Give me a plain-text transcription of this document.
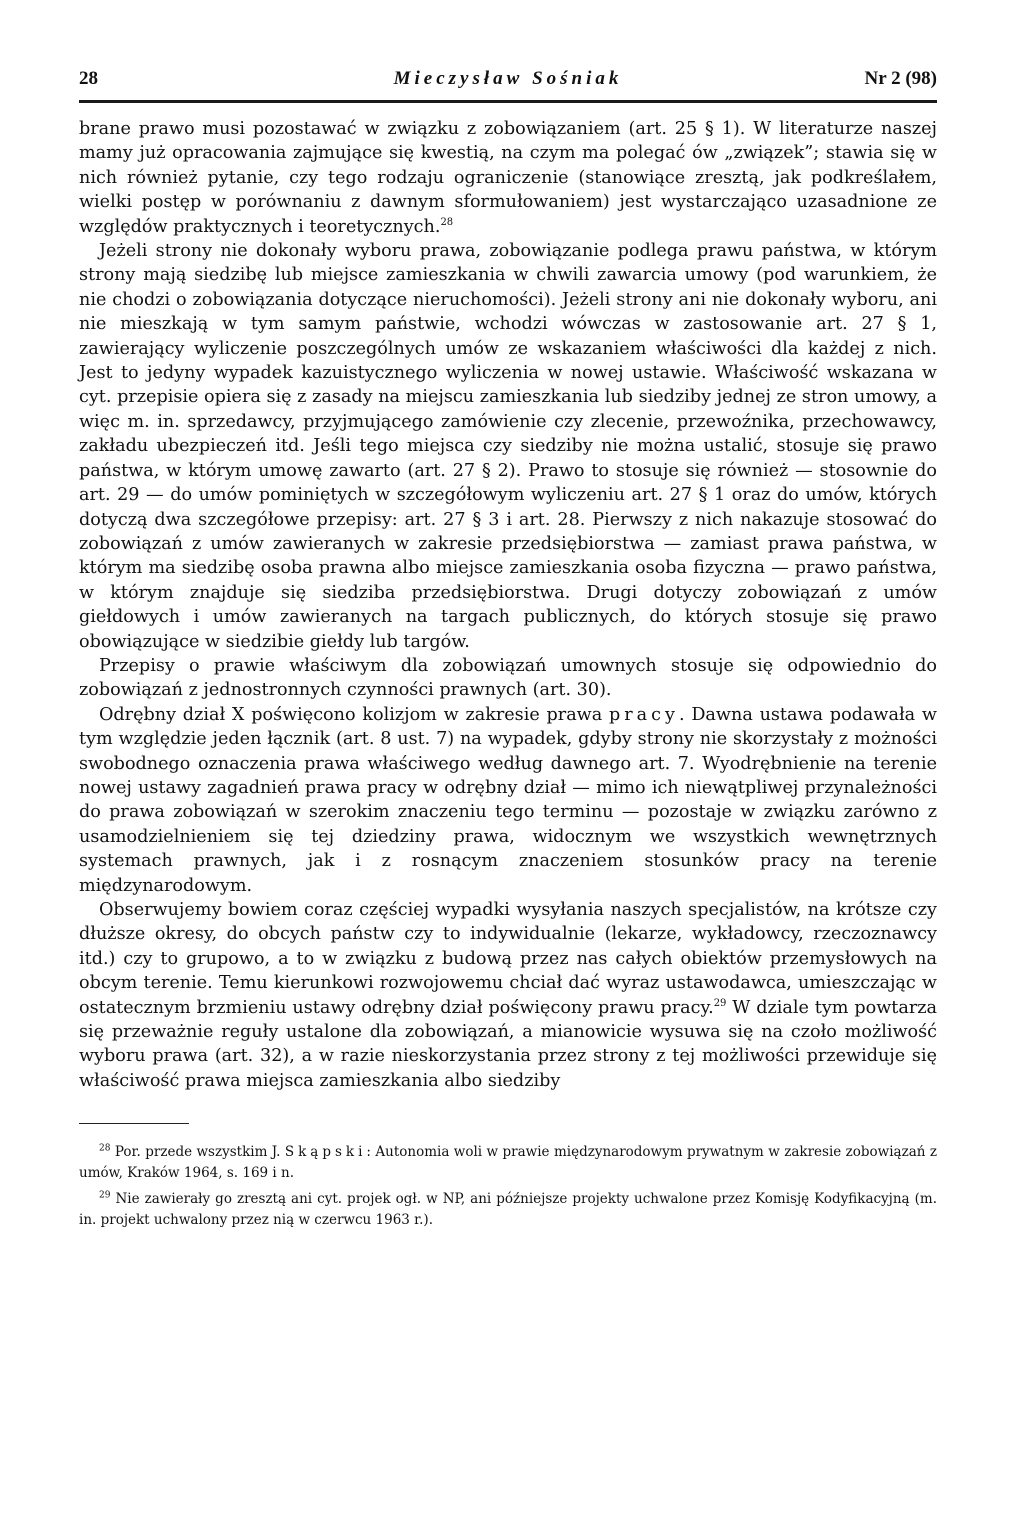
28	Mieczysław Sośniak	Nr 2 (98)

brane prawo musi pozostawać w związku z zobowiązaniem (art. 25 § 1). W literaturze naszej mamy już opracowania zajmujące się kwestią, na czym ma polegać ów „związek”; stawia się w nich również pytanie, czy tego rodzaju ograniczenie (stanowiące zresztą, jak podkreślałem, wielki postęp w porównaniu z dawnym sformułowaniem) jest wystarczająco uzasadnione ze względów praktycznych i teoretycznych.$^{28}$

Jeżeli strony nie dokonały wyboru prawa, zobowiązanie podlega prawu państwa, w którym strony mają siedzibę lub miejsce zamieszkania w chwili zawarcia umowy (pod warunkiem, że nie chodzi o zobowiązania dotyczące nieruchomości). Jeżeli strony ani nie dokonały wyboru, ani nie mieszkają w tym samym państwie, wchodzi wówczas w zastosowanie art. 27 § 1, zawierający wyliczenie poszczególnych umów ze wskazaniem właściwości dla każdej z nich. Jest to jedyny wypadek kazuistycznego wyliczenia w nowej ustawie. Właściwość wskazana w cyt. przepisie opiera się z zasady na miejscu zamieszkania lub siedziby jednej ze stron umowy, a więc m. in. sprzedawcy, przyjmującego zamówienie czy zlecenie, przewoźnika, przechowawcy, zakładu ubezpieczeń itd. Jeśli tego miejsca czy siedziby nie można ustalić, stosuje się prawo państwa, w którym umowę zawarto (art. 27 § 2). Prawo to stosuje się również — stosownie do art. 29 — do umów pominiętych w szczegółowym wyliczeniu art. 27 § 1 oraz do umów, których dotyczą dwa szczegółowe przepisy: art. 27 § 3 i art. 28. Pierwszy z nich nakazuje stosować do zobowiązań z umów zawieranych w zakresie przedsiębiorstwa — zamiast prawa państwa, w którym ma siedzibę osoba prawna albo miejsce zamieszkania osoba fizyczna — prawo państwa, w którym znajduje się siedziba przedsiębiorstwa. Drugi dotyczy zobowiązań z umów giełdowych i umów zawieranych na targach publicznych, do których stosuje się prawo obowiązujące w siedzibie giełdy lub targów.

Przepisy o prawie właściwym dla zobowiązań umownych stosuje się odpowiednio do zobowiązań z jednostronnych czynności prawnych (art. 30).

Odrębny dział X poświęcono kolizjom w zakresie prawa pracy. Dawna ustawa podawała w tym względzie jeden łącznik (art. 8 ust. 7) na wypadek, gdyby strony nie skorzystały z możności swobodnego oznaczenia prawa właściwego według dawnego art. 7. Wyodrębnienie na terenie nowej ustawy zagadnień prawa pracy w odrębny dział — mimo ich niewątpliwej przynależności do prawa zobowiązań w szerokim znaczeniu tego terminu — pozostaje w związku zarówno z usamodzielnieniem się tej dziedziny prawa, widocznym we wszystkich wewnętrznych systemach prawnych, jak i z rosnącym znaczeniem stosunków pracy na terenie międzynarodowym.

Obserwujemy bowiem coraz częściej wypadki wysyłania naszych specjalistów, na krótsze czy dłuższe okresy, do obcych państw czy to indywidualnie (lekarze, wykładowcy, rzeczoznawcy itd.) czy to grupowo, a to w związku z budową przez nas całych obiektów przemysłowych na obcym terenie. Temu kierunkowi rozwojowemu chciał dać wyraz ustawodawca, umieszczając w ostatecznym brzmieniu ustawy odrębny dział poświęcony prawu pracy.$^{29}$ W dziale tym powtarza się przeważnie reguły ustalone dla zobowiązań, a mianowicie wysuwa się na czoło możliwość wyboru prawa (art. 32), a w razie nieskorzystania przez strony z tej możliwości przewiduje się właściwość prawa miejsca zamieszkania albo siedziby

$^{28}$ Por. przede wszystkim J. Skąpski: Autonomia woli w prawie międzynarodowym prywatnym w zakresie zobowiązań z umów, Kraków 1964, s. 169 i n.

$^{29}$ Nie zawierały go zresztą ani cyt. projek ogł. w NP, ani późniejsze projekty uchwalone przez Komisję Kodyfikacyjną (m. in. projekt uchwalony przez nią w czerwcu 1963 r.).
